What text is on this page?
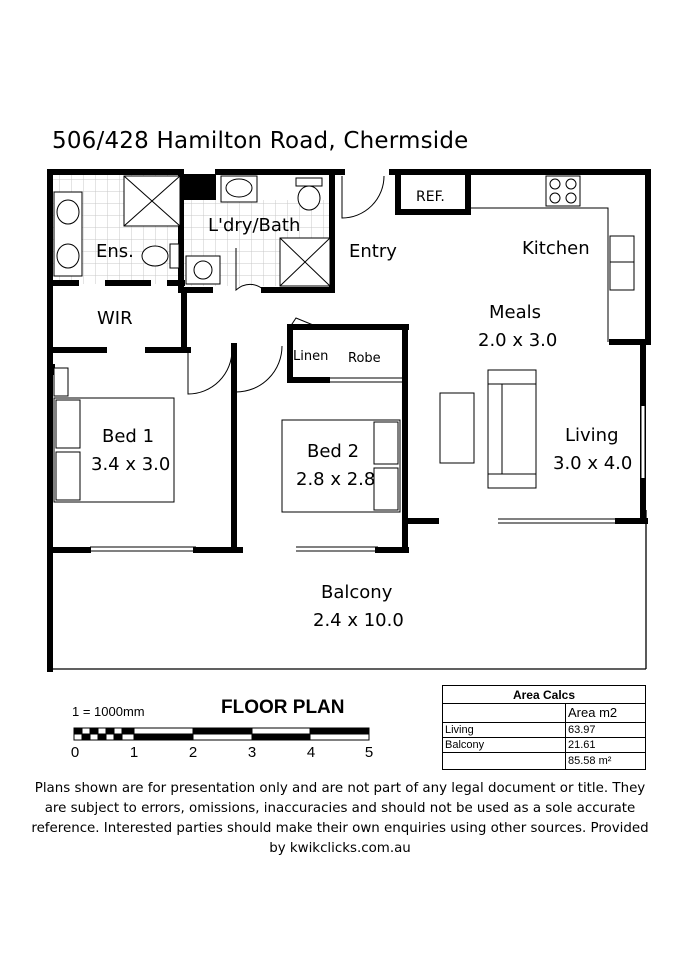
506/428 Hamilton Road, Chermside
Ens.
L'dry/Bath
Entry
REF.
Kitchen
Meals
2.0 x 3.0
WIR
Linen Robe
Bed 1
3.4 x 3.0
Bed 2
2.8 x 2.8
Living
3.0 x 4.0
Balcony
2.4 x 10.0
1 = 1000mm	FLOOR PLAN
0	1	2	3	4	5
Area Calcs	
	Area m2
Living	63.97
Balcony	21.61
	85.58 m²
Plans shown are for presentation only and are not part of any legal document or title. They are subject to errors, omissions, inaccuracies and should not be used as a sole accurate reference. Interested parties should make their own enquiries using other sources. Provided by kwikclicks.com.au
